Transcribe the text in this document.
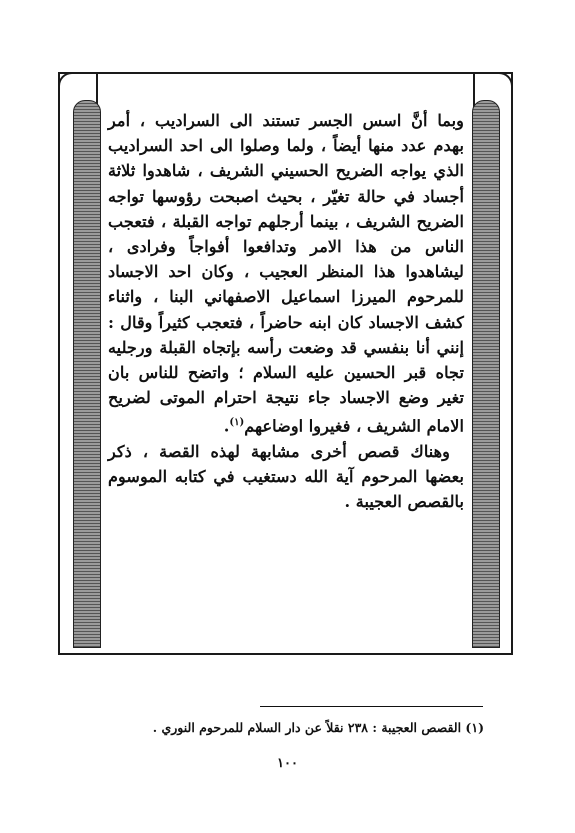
وبما أنَّ اسس الجسر تستند الى السراديب ، أمر بهدم عدد منها أيضاً ، ولما وصلوا الى احد السراديب الذي يواجه الضريح الحسيني الشريف ، شاهدوا ثلاثة أجساد في حالة تغيّر ، بحيث اصبحت رؤوسها تواجه الضريح الشريف ، بينما أرجلهم تواجه القبلة ، فتعجب الناس من هذا الامر وتدافعوا أفواجاً وفرادى ، ليشاهدوا هذا المنظر العجيب ، وكان احد الاجساد للمرحوم الميرزا اسماعيل الاصفهاني البنا ، واثناء كشف الاجساد كان ابنه حاضراً ، فتعجب كثيراً وقال : إنني أنا بنفسي قد وضعت رأسه بإتجاه القبلة ورجليه تجاه قبر الحسين عليه السلام ؛ واتضح للناس بان تغير وضع الاجساد جاء نتيجة احترام الموتى لضريح الامام الشريف ، فغيروا اوضاعهم$^{(١)}$.

وهناك قصص أخرى مشابهة لهذه القصة ، ذكر بعضها المرحوم آية الله دستغيب في كتابه الموسوم بالقصص العجيبة .

(١) القصص العجيبة : ٢٣٨ نقلاً عن دار السلام للمرحوم النوري .
١٠٠
